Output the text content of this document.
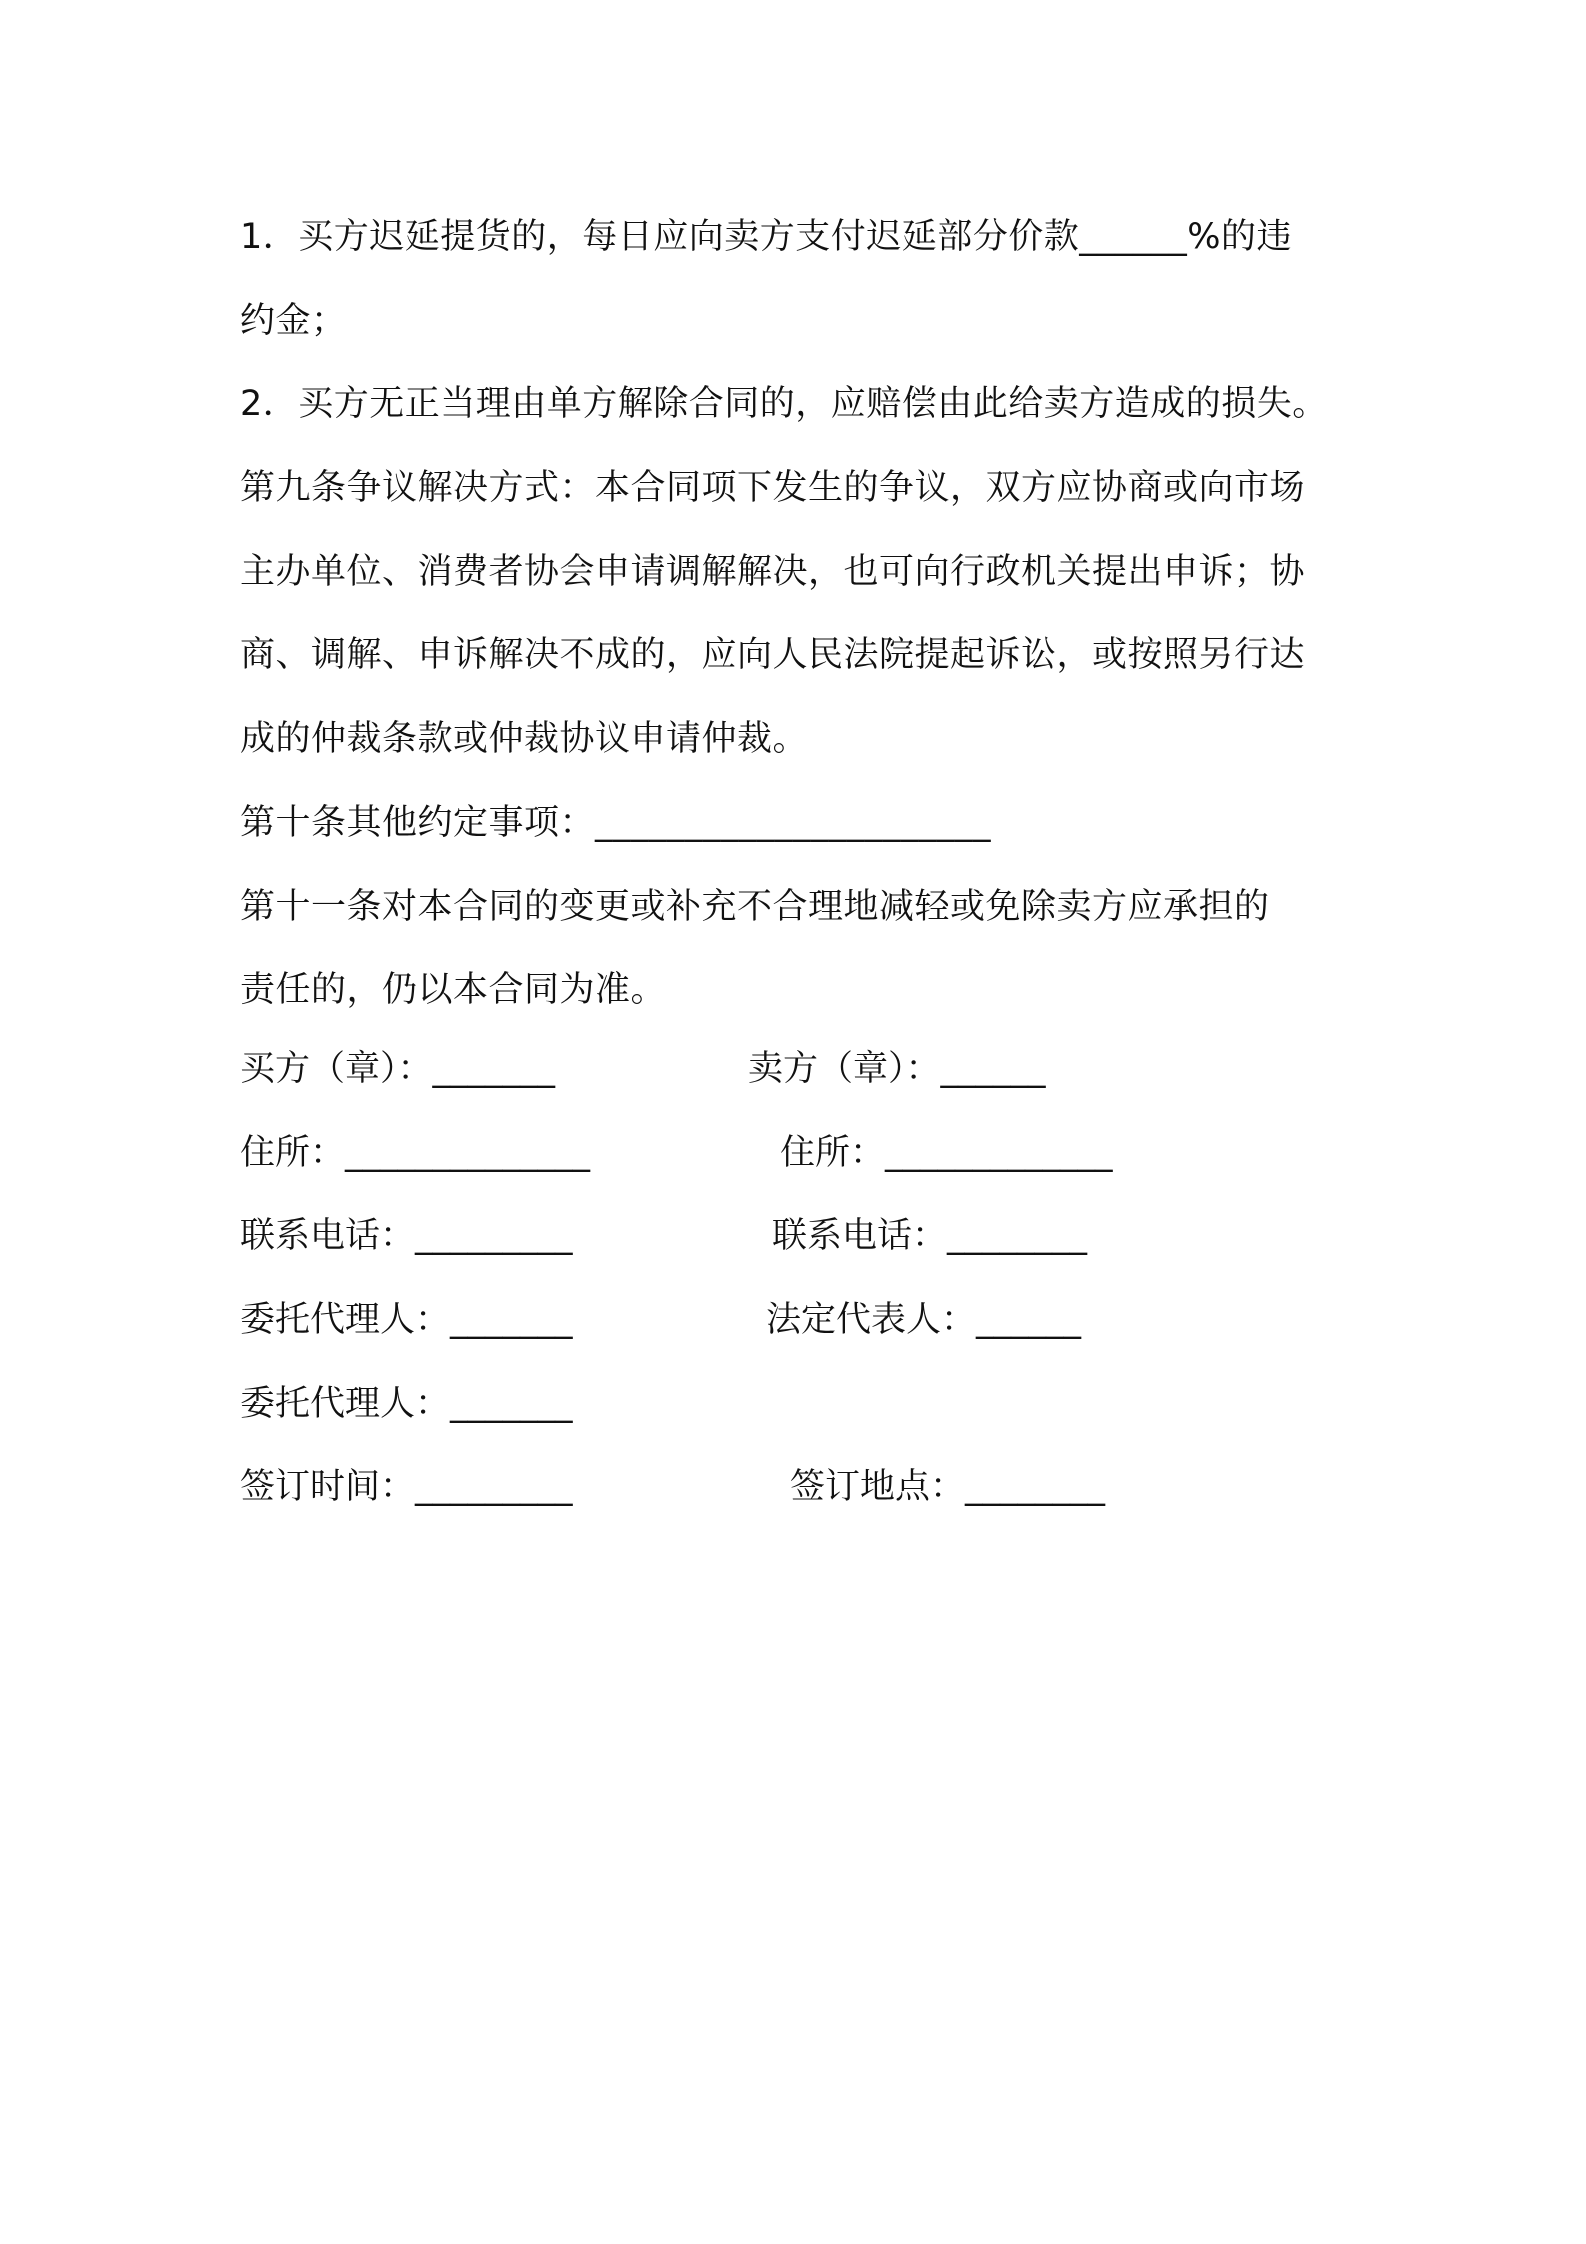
1．买方迟延提货的，每日应向卖方支付迟延部分价款______%的违
约金；
2．买方无正当理由单方解除合同的，应赔偿由此给卖方造成的损失。
第九条争议解决方式：本合同项下发生的争议，双方应协商或向市场
主办单位、消费者协会申请调解解决，也可向行政机关提出申诉；协
商、调解、申诉解决不成的，应向人民法院提起诉讼，或按照另行达
成的仲裁条款或仲裁协议申请仲裁。
第十条其他约定事项：______________________
第十一条对本合同的变更或补充不合理地减轻或免除卖方应承担的
责任的，仍以本合同为准。
买方（章）：_______	卖方（章）：______
住所：______________	住所：_____________
联系电话：_________	联系电话：________
委托代理人：_______	法定代表人：______
委托代理人：_______
签订时间：_________	签订地点：________
